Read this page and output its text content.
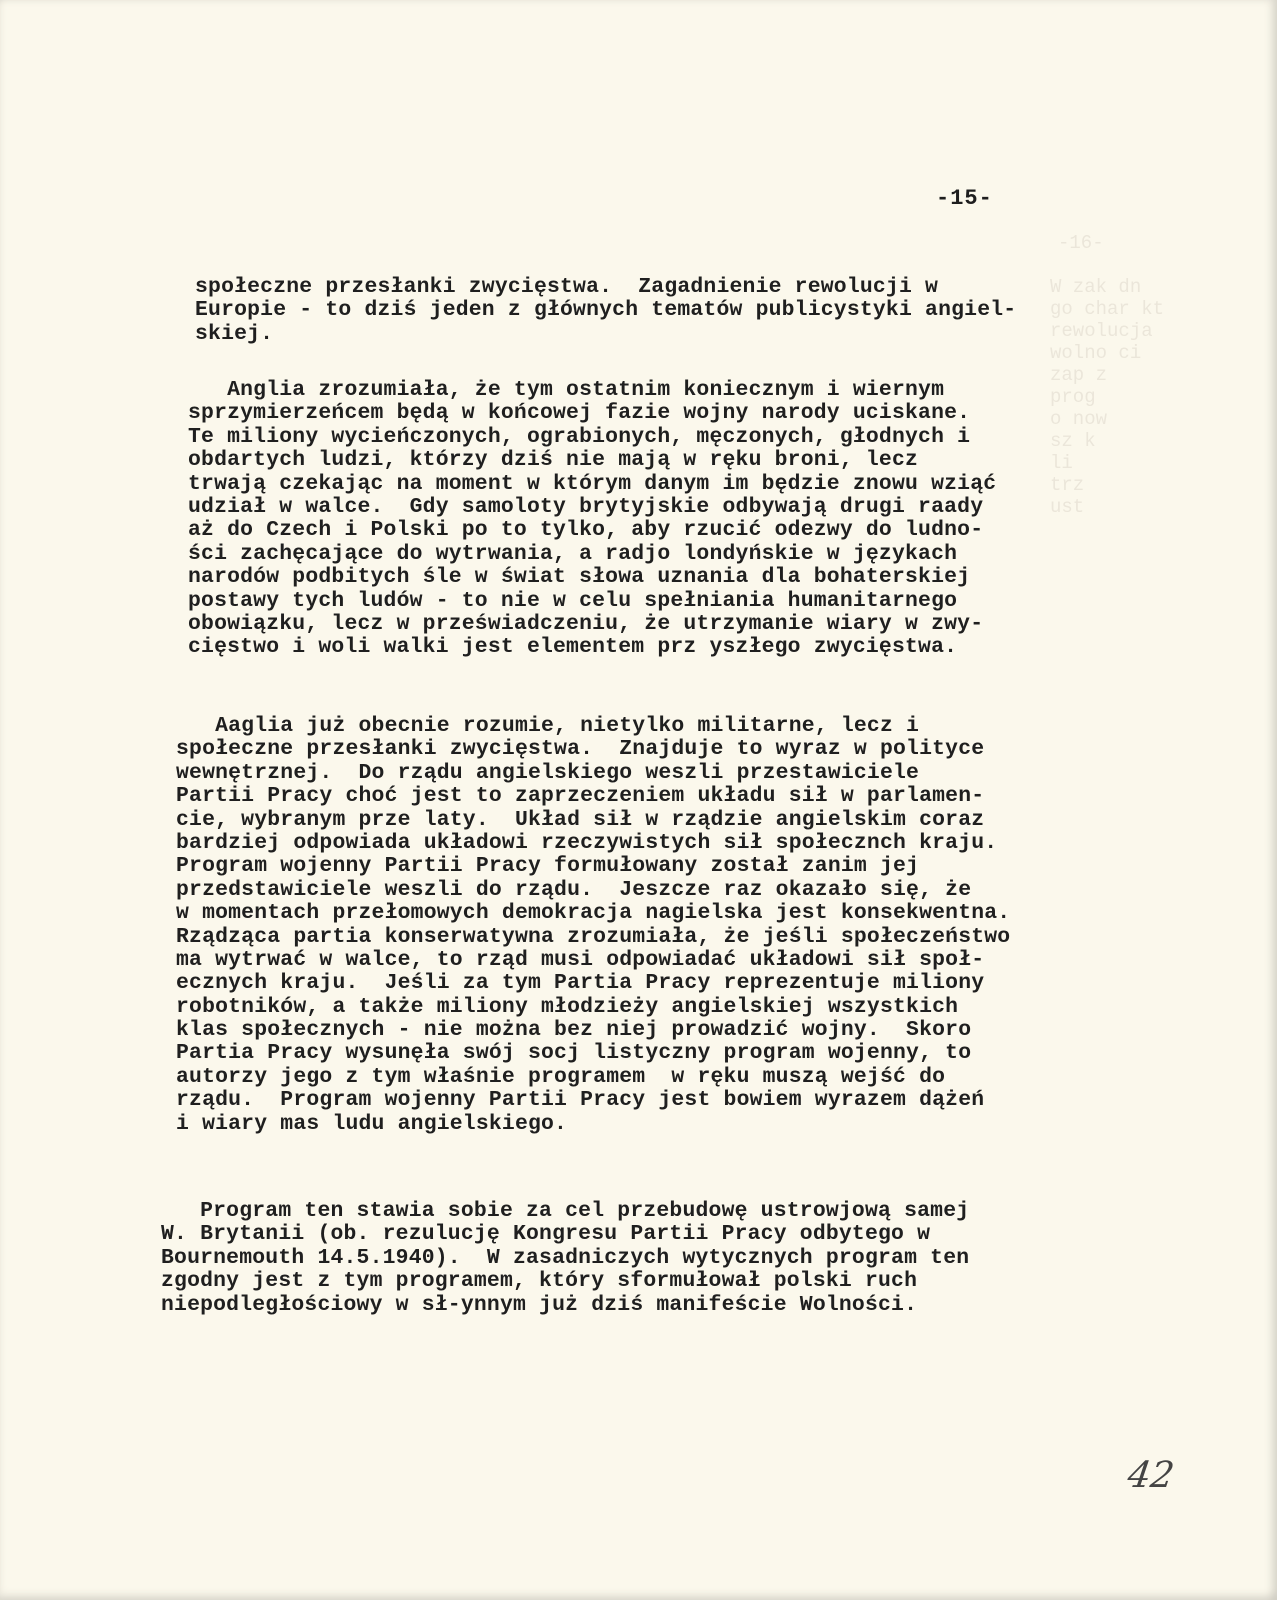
-16-

W zak dn
go char kt
rewolucja
wolno ci
zap z
prog
o now
sz k
li
trz
ust
-15-
społeczne przesłanki zwycięstwa.  Zagadnienie rewolucji w
Europie - to dziś jeden z głównych tematów publicystyki angiel-
skiej.
Anglia zrozumiała, że tym ostatnim koniecznym i wiernym
sprzymierzeńcem będą w końcowej fazie wojny narody uciskane.
Te miliony wycieńczonych, ograbionych, męczonych, głodnych i
obdartych ludzi, którzy dziś nie mają w ręku broni, lecz
trwają czekając na moment w którym danym im będzie znowu wziąć
udział w walce.  Gdy samoloty brytyjskie odbywają drugi raady
aż do Czech i Polski po to tylko, aby rzucić odezwy do ludno-
ści zachęcające do wytrwania, a radjo londyńskie w językach
narodów podbitych śle w świat słowa uznania dla bohaterskiej
postawy tych ludów - to nie w celu spełniania humanitarnego
obowiązku, lecz w przeświadczeniu, że utrzymanie wiary w zwy-
cięstwo i woli walki jest elementem prz yszłego zwycięstwa.
Aaglia już obecnie rozumie, nietylko militarne, lecz i
społeczne przesłanki zwycięstwa.  Znajduje to wyraz w polityce
wewnętrznej.  Do rządu angielskiego weszli przestawiciele
Partii Pracy choć jest to zaprzeczeniem układu sił w parlamen-
cie, wybranym prze laty.  Układ sił w rządzie angielskim coraz
bardziej odpowiada układowi rzeczywistych sił społecznch kraju.
Program wojenny Partii Pracy formułowany został zanim jej
przedstawiciele weszli do rządu.  Jeszcze raz okazało się, że
w momentach przełomowych demokracja nagielska jest konsekwentna.
Rządząca partia konserwatywna zrozumiała, że jeśli społeczeństwo
ma wytrwać w walce, to rząd musi odpowiadać układowi sił społ-
ecznych kraju.  Jeśli za tym Partia Pracy reprezentuje miliony
robotników, a także miliony młodzieży angielskiej wszystkich
klas społecznych - nie można bez niej prowadzić wojny.  Skoro
Partia Pracy wysunęła swój socj listyczny program wojenny, to
autorzy jego z tym właśnie programem  w ręku muszą wejść do
rządu.  Program wojenny Partii Pracy jest bowiem wyrazem dążeń
i wiary mas ludu angielskiego.
Program ten stawia sobie za cel przebudowę ustrowjową samej
W. Brytanii (ob. rezulucję Kongresu Partii Pracy odbytego w
Bournemouth 14.5.1940).  W zasadniczych wytycznych program ten
zgodny jest z tym programem, który sformułował polski ruch
niepodległościowy w sł-ynnym już dziś manifeście Wolności.
42
